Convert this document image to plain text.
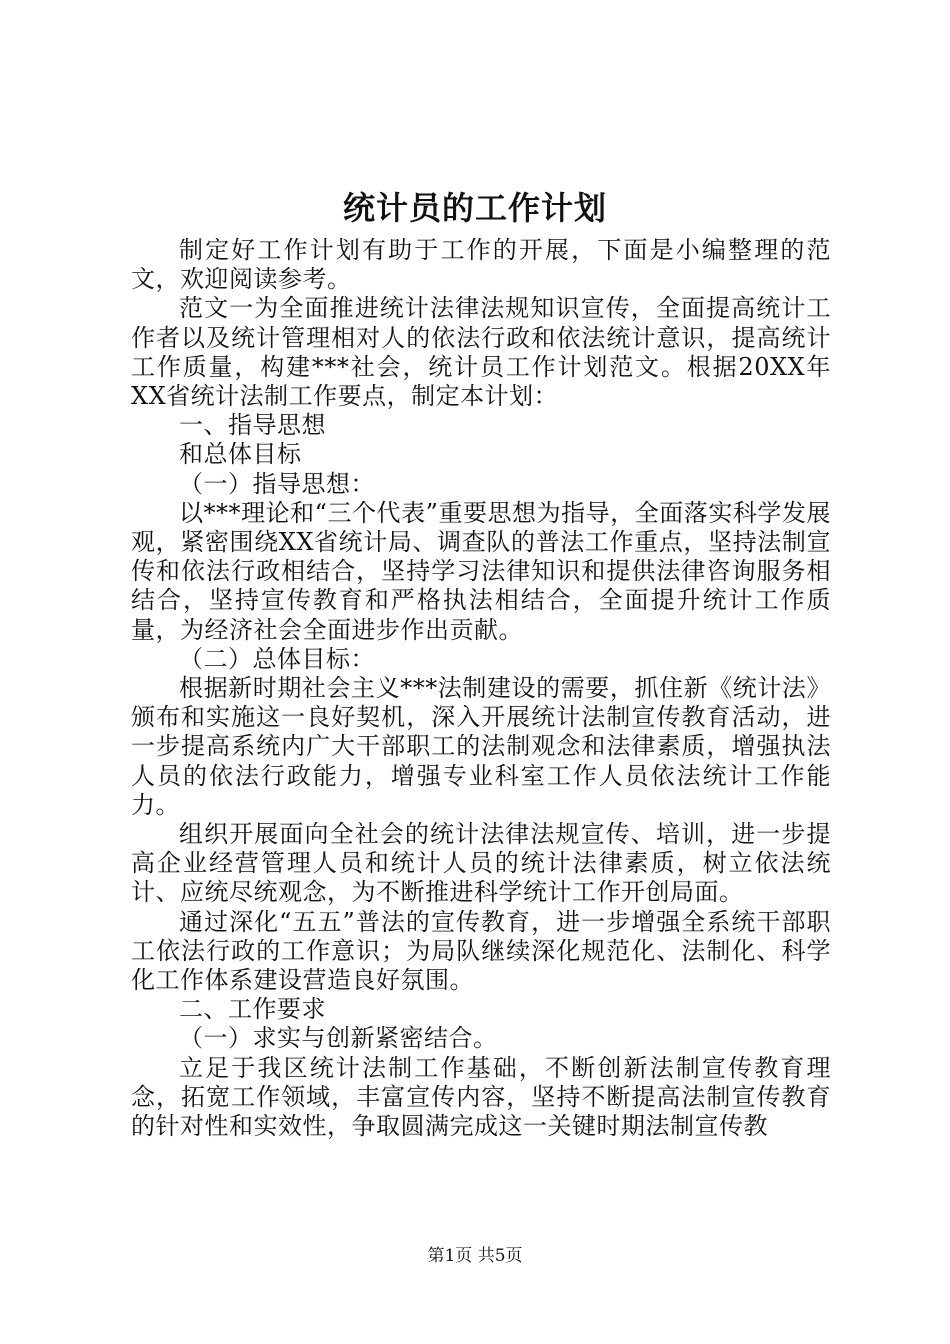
统计员的工作计划

制定好工作计划有助于工作的开展，下面是小编整理的范文，欢迎阅读参考。

范文一为全面推进统计法律法规知识宣传，全面提高统计工作者以及统计管理相对人的依法行政和依法统计意识，提高统计工作质量，构建***社会，统计员工作计划范文。根据20XX年XX省统计法制工作要点，制定本计划：

一、指导思想

和总体目标

（一）指导思想：

以***理论和“三个代表”重要思想为指导，全面落实科学发展观，紧密围绕XX省统计局、调查队的普法工作重点，坚持法制宣传和依法行政相结合，坚持学习法律知识和提供法律咨询服务相结合，坚持宣传教育和严格执法相结合，全面提升统计工作质量，为经济社会全面进步作出贡献。

（二）总体目标：

根据新时期社会主义***法制建设的需要，抓住新《统计法》颁布和实施这一良好契机，深入开展统计法制宣传教育活动，进一步提高系统内广大干部职工的法制观念和法律素质，增强执法人员的依法行政能力，增强专业科室工作人员依法统计工作能力。

组织开展面向全社会的统计法律法规宣传、培训，进一步提高企业经营管理人员和统计人员的统计法律素质，树立依法统计、应统尽统观念，为不断推进科学统计工作开创局面。

通过深化“五五”普法的宣传教育，进一步增强全系统干部职工依法行政的工作意识；为局队继续深化规范化、法制化、科学化工作体系建设营造良好氛围。

二、工作要求

（一）求实与创新紧密结合。

立足于我区统计法制工作基础，不断创新法制宣传教育理念，拓宽工作领域，丰富宣传内容，坚持不断提高法制宣传教育的针对性和实效性，争取圆满完成这一关键时期法制宣传教

第1页 共5页
